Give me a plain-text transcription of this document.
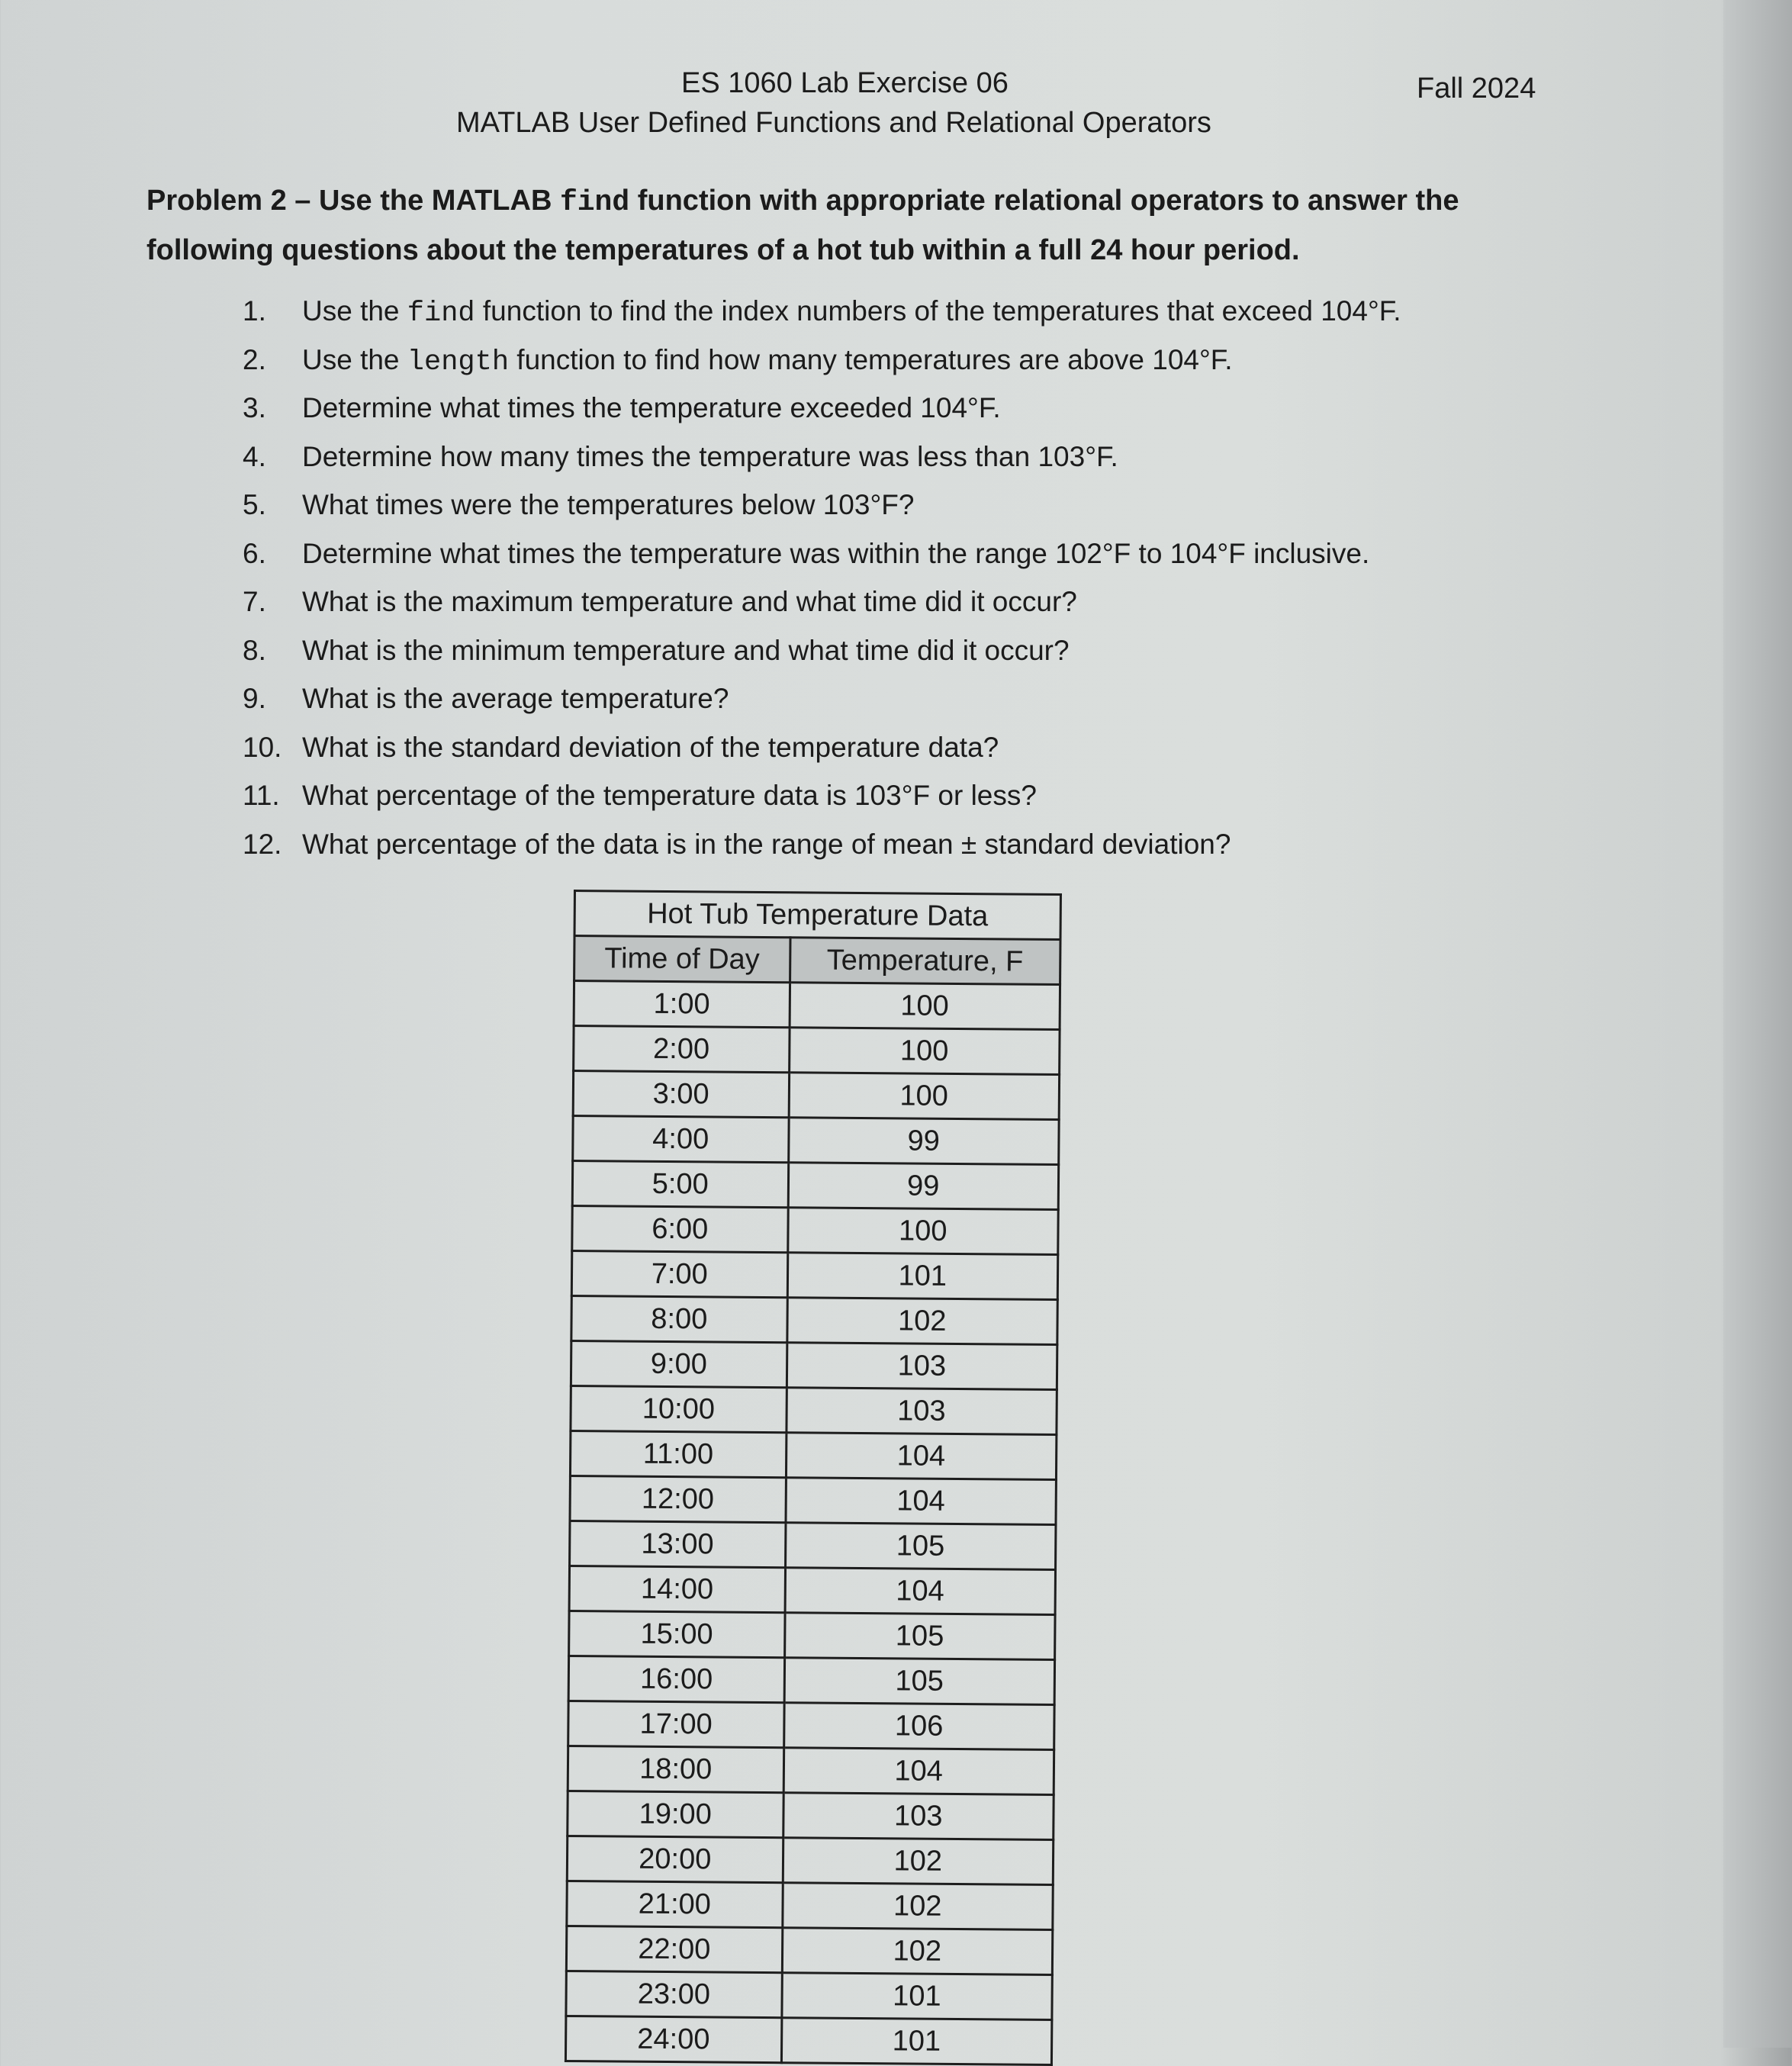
ES 1060 Lab Exercise 06
MATLAB User Defined Functions and Relational Operators
Fall 2024
Problem 2 – Use the MATLAB find function with appropriate relational operators to answer the following questions about the temperatures of a hot tub within a full 24 hour period.
1.	Use the find function to find the index numbers of the temperatures that exceed 104°F.
2.	Use the length function to find how many temperatures are above 104°F.
3.	Determine what times the temperature exceeded 104°F.
4.	Determine how many times the temperature was less than 103°F.
5.	What times were the temperatures below 103°F?
6.	Determine what times the temperature was within the range 102°F to 104°F inclusive.
7.	What is the maximum temperature and what time did it occur?
8.	What is the minimum temperature and what time did it occur?
9.	What is the average temperature?
10. What is the standard deviation of the temperature data?
11. What percentage of the temperature data is 103°F or less?
12. What percentage of the data is in the range of mean ± standard deviation?
Hot Tub Temperature Data	
Time of Day	Temperature, F
1:00	100
2:00	100
3:00	100
4:00	99
5:00	99
6:00	100
7:00	101
8:00	102
9:00	103
10:00	103
11:00	104
12:00	104
13:00	105
14:00	104
15:00	105
16:00	105
17:00	106
18:00	104
19:00	103
20:00	102
21:00	102
22:00	102
23:00	101
24:00	101
